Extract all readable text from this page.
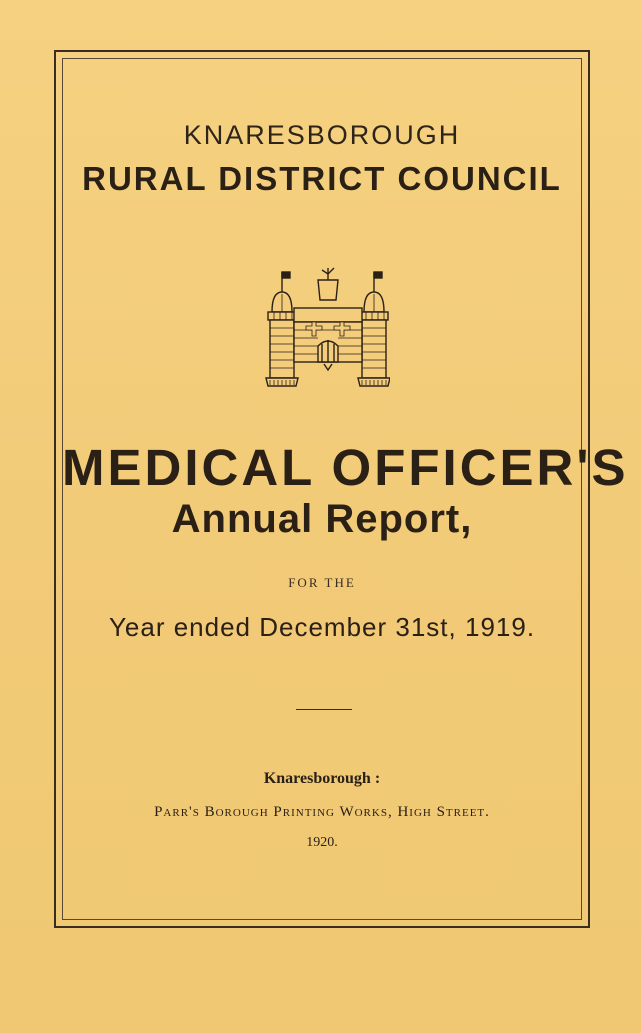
KNARESBOROUGH
RURAL DISTRICT COUNCIL
MEDICAL OFFICER'S
Annual Report,
FOR THE
Year ended December 31st, 1919.
Knaresborough :
Parr's Borough Printing Works, High Street.
1920.
